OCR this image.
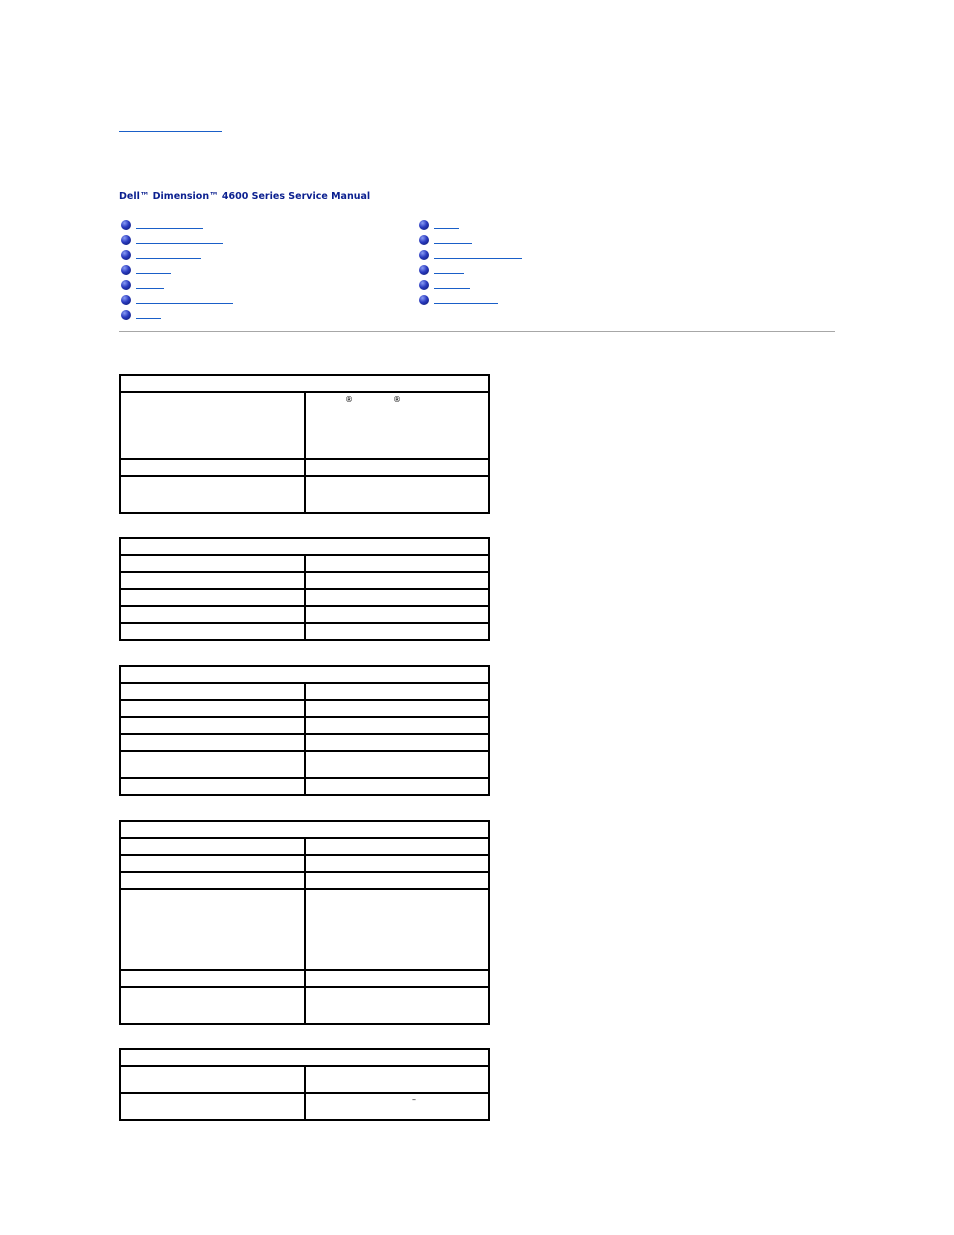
Dell™ Dimension™ 4600 Series Service Manual

®	®

–
